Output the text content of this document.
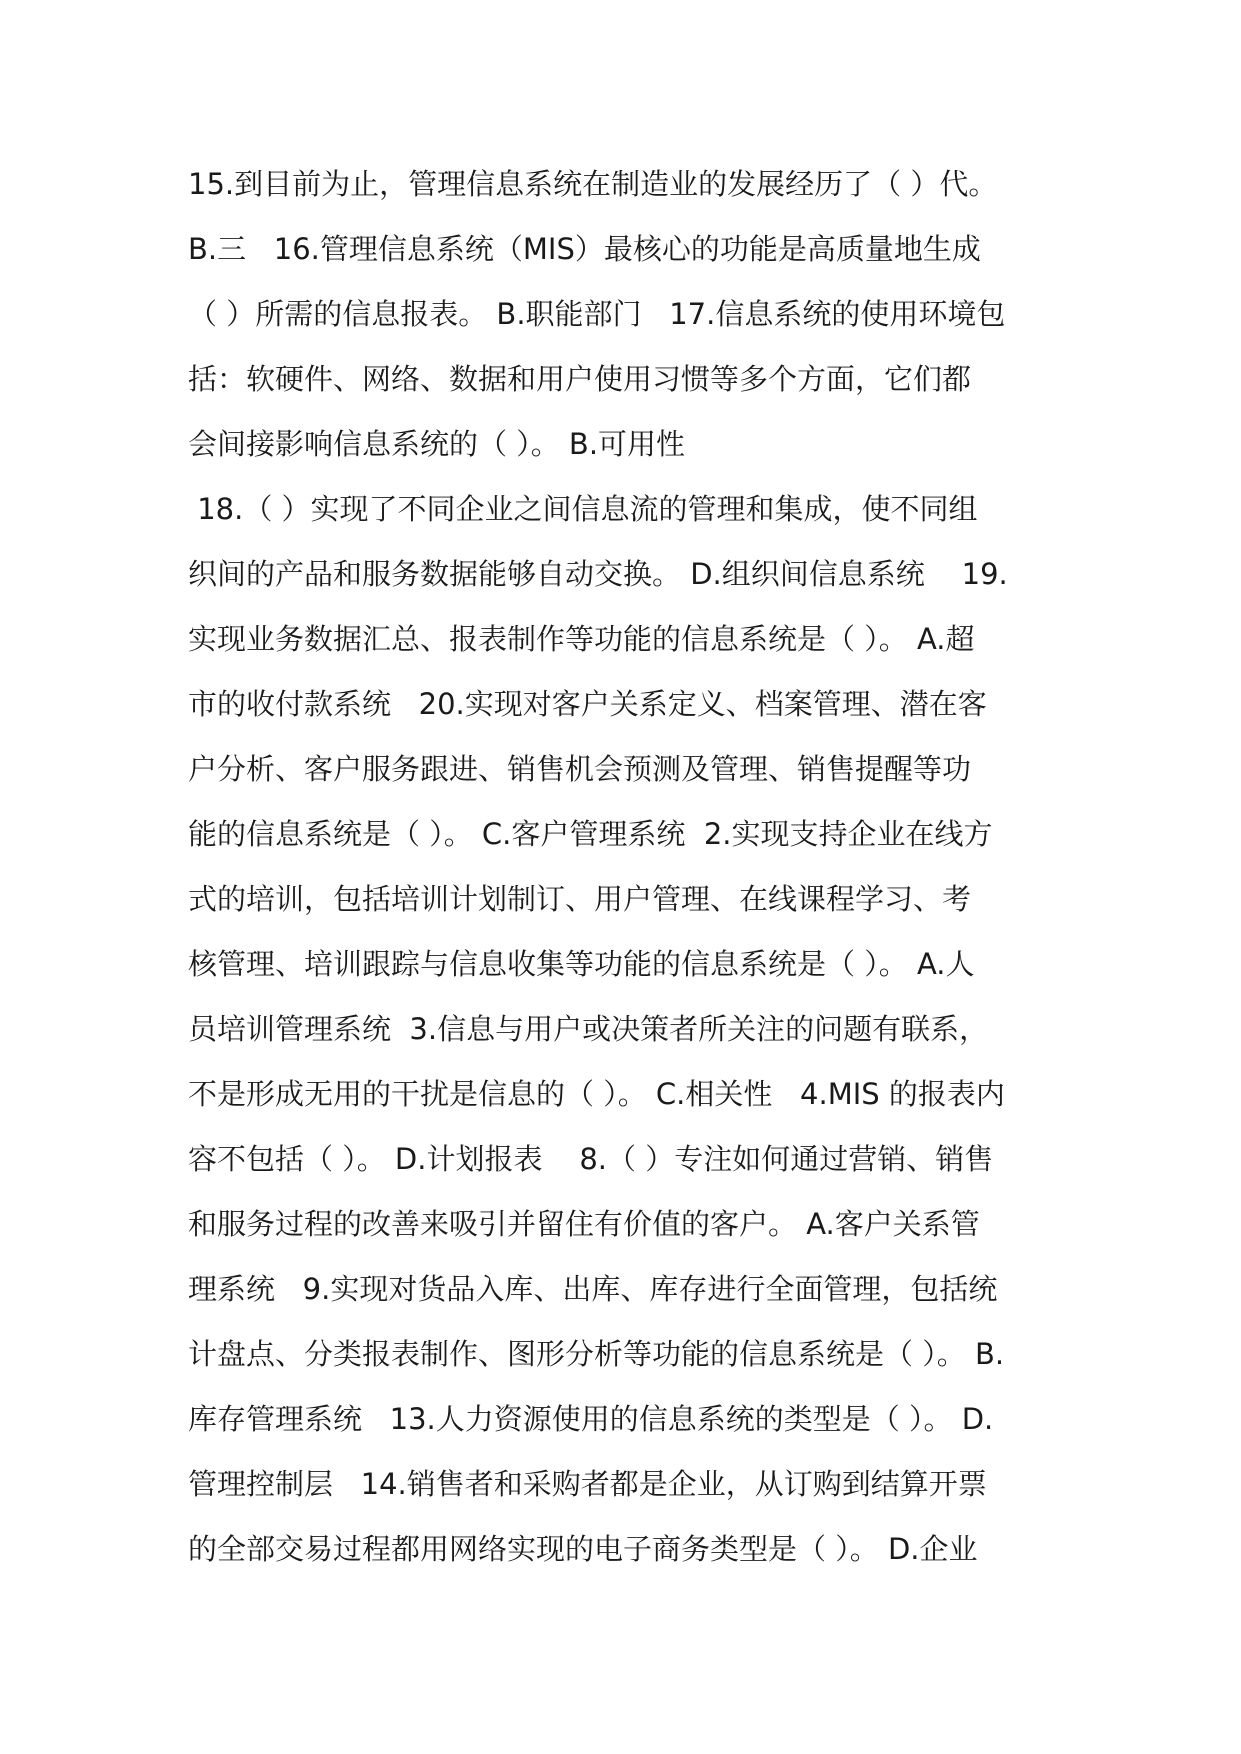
15.到目前为止，管理信息系统在制造业的发展经历了（ ）代。
B.三   16.管理信息系统（MIS）最核心的功能是高质量地生成
（ ）所需的信息报表。 B.职能部门   17.信息系统的使用环境包
括：软硬件、网络、数据和用户使用习惯等多个方面，它们都
会间接影响信息系统的（ ）。 B.可用性
18.（ ）实现了不同企业之间信息流的管理和集成，使不同组
织间的产品和服务数据能够自动交换。 D.组织间信息系统    19.
实现业务数据汇总、报表制作等功能的信息系统是（ ）。 A.超
市的收付款系统   20.实现对客户关系定义、档案管理、潜在客
户分析、客户服务跟进、销售机会预测及管理、销售提醒等功
能的信息系统是（ ）。 C.客户管理系统  2.实现支持企业在线方
式的培训，包括培训计划制订、用户管理、在线课程学习、考
核管理、培训跟踪与信息收集等功能的信息系统是（ ）。 A.人
员培训管理系统  3.信息与用户或决策者所关注的问题有联系，
不是形成无用的干扰是信息的（ ）。 C.相关性   4.MIS 的报表内
容不包括（ ）。 D.计划报表    8.（ ）专注如何通过营销、销售
和服务过程的改善来吸引并留住有价值的客户。 A.客户关系管
理系统   9.实现对货品入库、出库、库存进行全面管理，包括统
计盘点、分类报表制作、图形分析等功能的信息系统是（ ）。 B.
库存管理系统   13.人力资源使用的信息系统的类型是（ ）。 D.
管理控制层   14.销售者和采购者都是企业，从订购到结算开票
的全部交易过程都用网络实现的电子商务类型是（ ）。 D.企业
